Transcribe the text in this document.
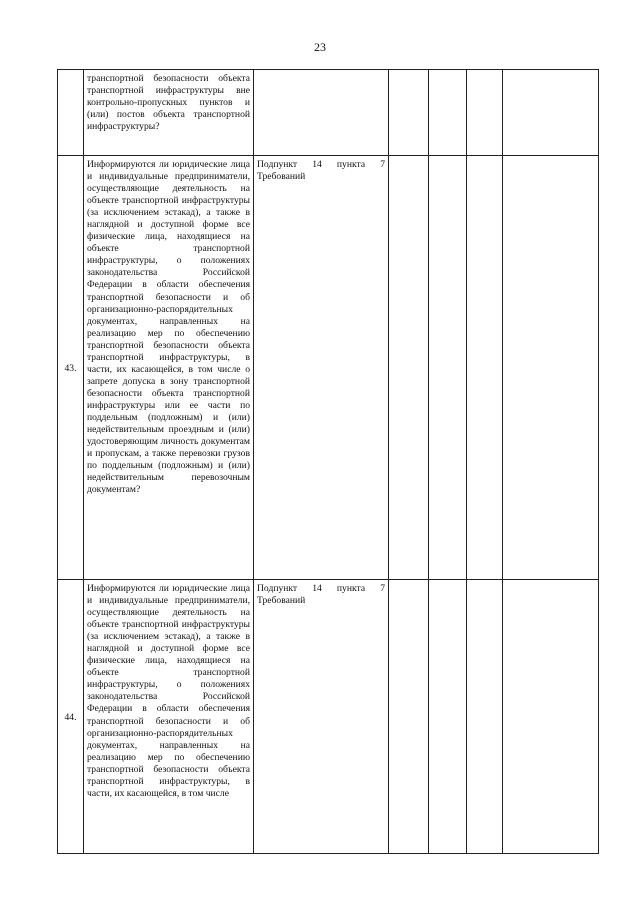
23
	транспортной безопасности объекта транспортной инфраструктуры вне контрольно-пропускных пунктов и (или) постов объекта транспортной инфраструктуры?					
43.	Информируются ли юридические лица и индивидуальные предприниматели, осуществляющие деятельность на объекте транспортной инфраструктуры (за исключением эстакад), а также в наглядной и доступной форме все физические лица, находящиеся на объекте транспортной инфраструктуры, о положениях законодательства Российской Федерации в области обеспечения транспортной безопасности и об организационно-распорядительных документах, направленных на реализацию мер по обеспечению транспортной безопасности объекта транспортной инфраструктуры, в части, их касающейся, в том числе о запрете допуска в зону транспортной безопасности объекта транспортной инфраструктуры или ее части по поддельным (подложным) и (или) недействительным проездным и (или) удостоверяющим личность документам и пропускам, а также перевозки грузов по поддельным (подложным) и (или) недействительным перевозочным документам?	Подпункт 14 пункта 7 Требований				
44.	Информируются ли юридические лица и индивидуальные предприниматели, осуществляющие деятельность на объекте транспортной инфраструктуры (за исключением эстакад), а также в наглядной и доступной форме все физические лица, находящиеся на объекте транспортной инфраструктуры, о положениях законодательства Российской Федерации в области обеспечения транспортной безопасности и об организационно-распорядительных документах, направленных на реализацию мер по обеспечению транспортной безопасности объекта транспортной инфраструктуры, в части, их касающейся, в том числе	Подпункт 14 пункта 7 Требований				
